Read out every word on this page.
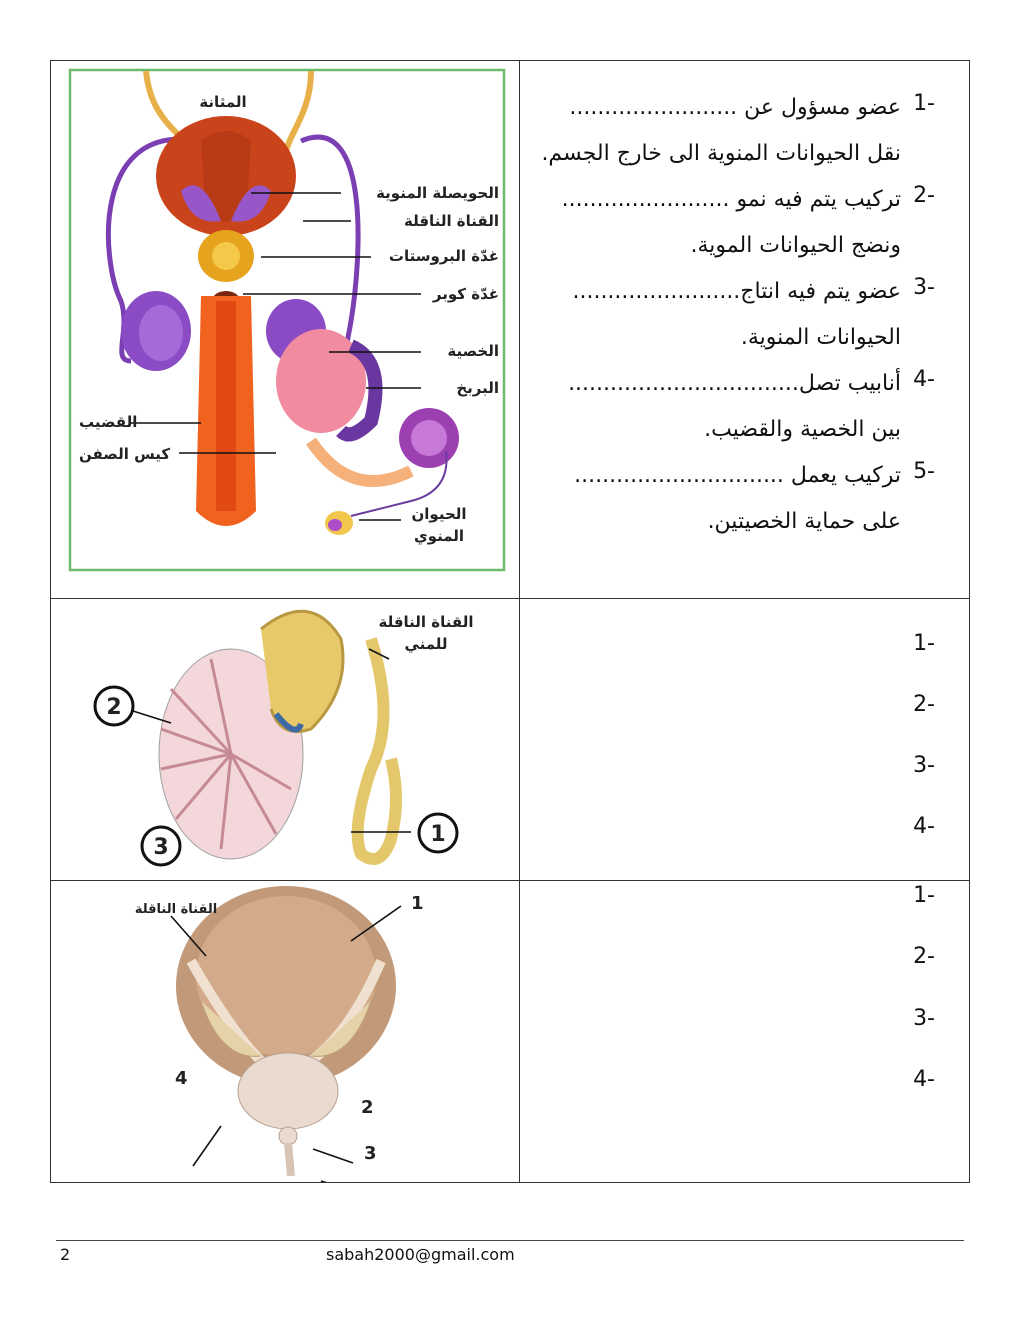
المثانة
الحويصلة المنوية
القناة الناقلة
غدّة البروستات
غدّة كوبر
الخصية
البربخ
القضيب
كيس الصفن
الحيوان
المنوي
1-
عضو مسؤول عن ........................
نقل الحيوانات المنوية الى خارج الجسم.
2-
تركيب يتم فيه نمو ........................
ونضج الحيوانات الموية.
3-
عضو يتم فيه انتاج........................
الحيوانات المنوية.
4-
أنابيب تصل.................................
بين الخصية والقضيب.
5-
تركيب يعمل ..............................
على حماية الخصيتين.
2
1
3
القناة الناقلة
للمني	1-
2-
3-
4-
القناة الناقلة	1
4
2
3
1-
2-
3-
4-
2	sabah2000@gmail.com
